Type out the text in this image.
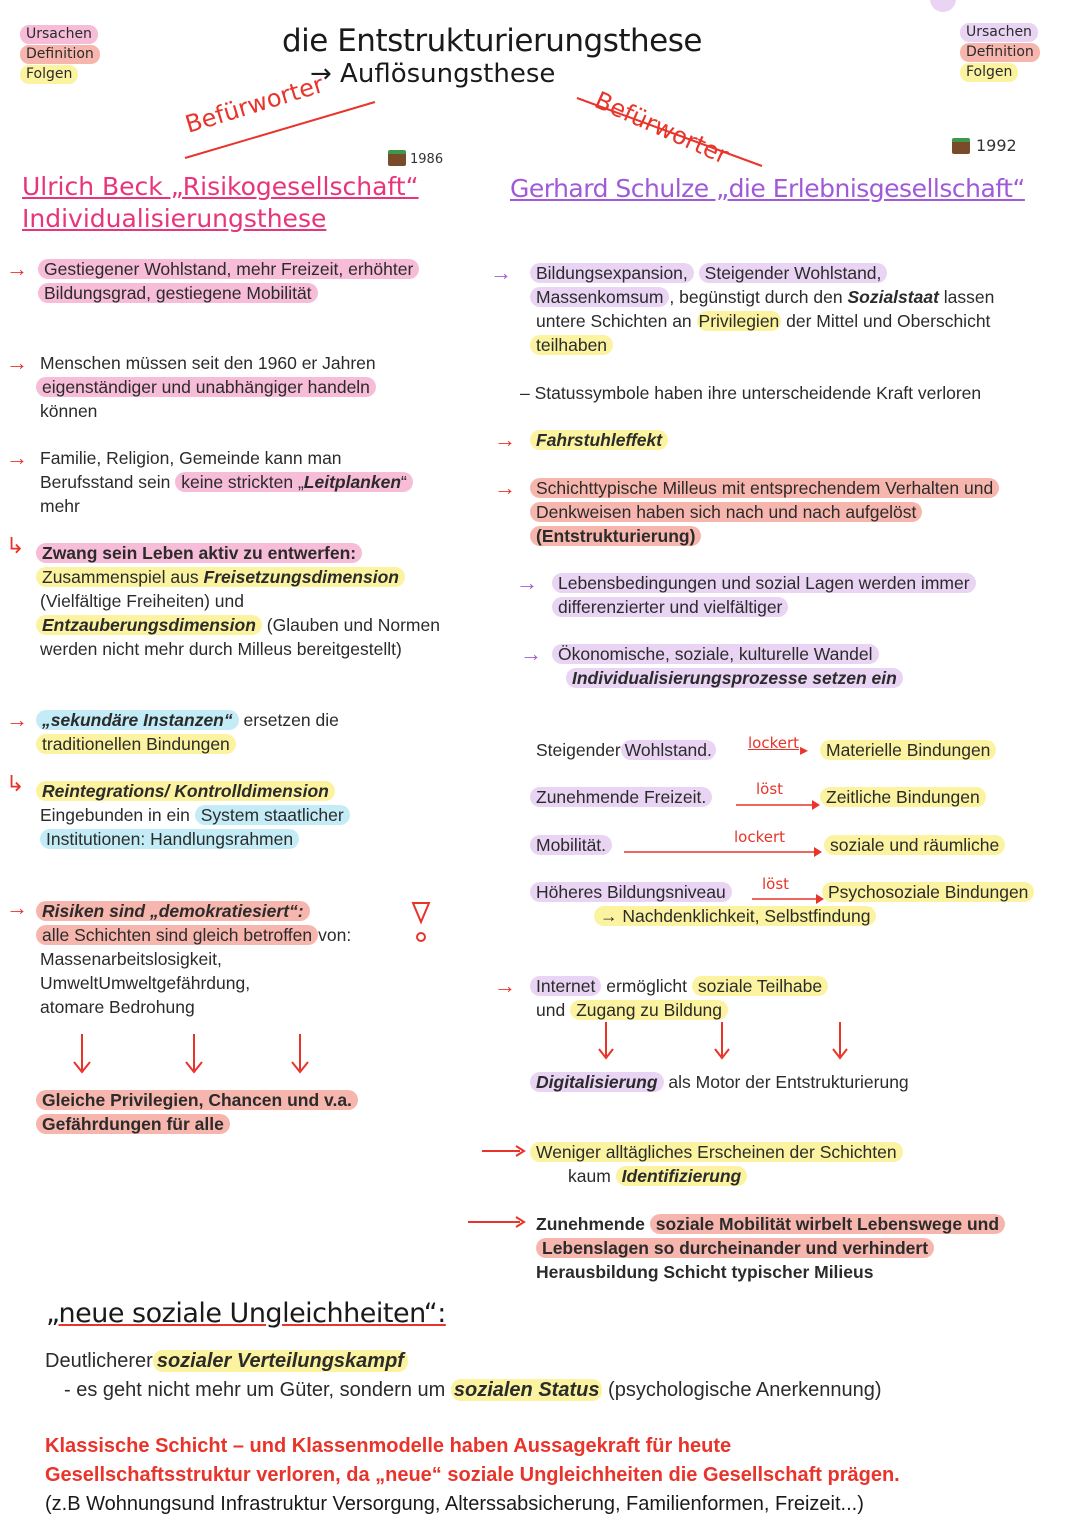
Ursachen
Definition
Folgen
Ursachen
Definition
Folgen
die Entstrukturierungsthese
→ Auflösungsthese
Befürworter	Befürworter
1986
1992
Ulrich Beck „Risikogesellschaft“
Individualisierungsthese
Gerhard Schulze „die Erlebnisgesellschaft“
→ Gestiegener Wohlstand, mehr Freizeit, erhöhter Bildungsgrad, gestiegene Mobilität
→ Menschen müssen seit den 1960 er Jahren
eigenständiger und unabhängiger handeln
können
→ Familie, Religion, Gemeinde kann man
Berufsstand sein keine strickten „Leitplanken“
mehr
↳ Zwang sein Leben aktiv zu entwerfen:
Zusammenspiel aus Freisetzungsdimension
(Vielfältige Freiheiten) und
Entzauberungsdimension (Glauben und Normen werden nicht mehr durch Milleus bereitgestellt)
→ „sekundäre Instanzen“ ersetzen die
traditionellen Bindungen
↳ Reintegrations/ Kontrolldimension
Eingebunden in ein System staatlicher Institutionen: Handlungsrahmen
→ Risiken sind „demokratiesiert“:
alle Schichten sind gleich betroffen von:
Massenarbeitslosigkeit,
UmweltUmweltgefährdung,
atomare Bedrohung
Gleiche Privilegien, Chancen und v.a. Gefährdungen für alle
→	Bildungsexpansion, Steigender Wohlstand,
Massenkomsum , begünstigt durch den Sozialstaat lassen
untere Schichten an Privilegien der Mittel und Oberschicht
teilhaben
– Statussymbole haben ihre unterscheidende Kraft verloren
→	Fahrstuhleffekt
→	Schichttypische Milleus mit entsprechendem Verhalten und Denkweisen haben sich nach und nach aufgelöst
(Entstrukturierung)
→	Lebensbedingungen und sozial Lagen werden immer differenzierter und vielfältiger
→ Ökonomische, soziale, kulturelle Wandel
Individualisierungsprozesse setzen ein
Steigender Wohlstand. lockert ▸	Materielle Bindungen
Zunehmende Freizeit.	löst	Zeitliche Bindungen
Mobilität.	lockert	soziale und räumliche
Höheres Bildungsniveau	löst	Psychosoziale Bindungen
→ Nachdenklichkeit, Selbstfindung
→	Internet ermöglicht soziale Teilhabe
und Zugang zu Bildung
Digitalisierung als Motor der Entstrukturierung
Weniger alltägliches Erscheinen der Schichten
kaum Identifizierung
Zunehmende soziale Mobilität wirbelt Lebenswege und Lebenslagen so durcheinander und verhindert
Herausbildung Schicht typischer Milieus
„neue soziale Ungleichheiten“:
Deutlicherer sozialer Verteilungskampf
- es geht nicht mehr um Güter, sondern um sozialen Status (psychologische Anerkennung)
Klassische Schicht – und Klassenmodelle haben Aussagekraft für heute
Gesellschaftsstruktur verloren, da „neue“ soziale Ungleichheiten die Gesellschaft prägen.
(z.B Wohnungsund Infrastruktur Versorgung, Alterssabsicherung, Familienformen, Freizeit...)
